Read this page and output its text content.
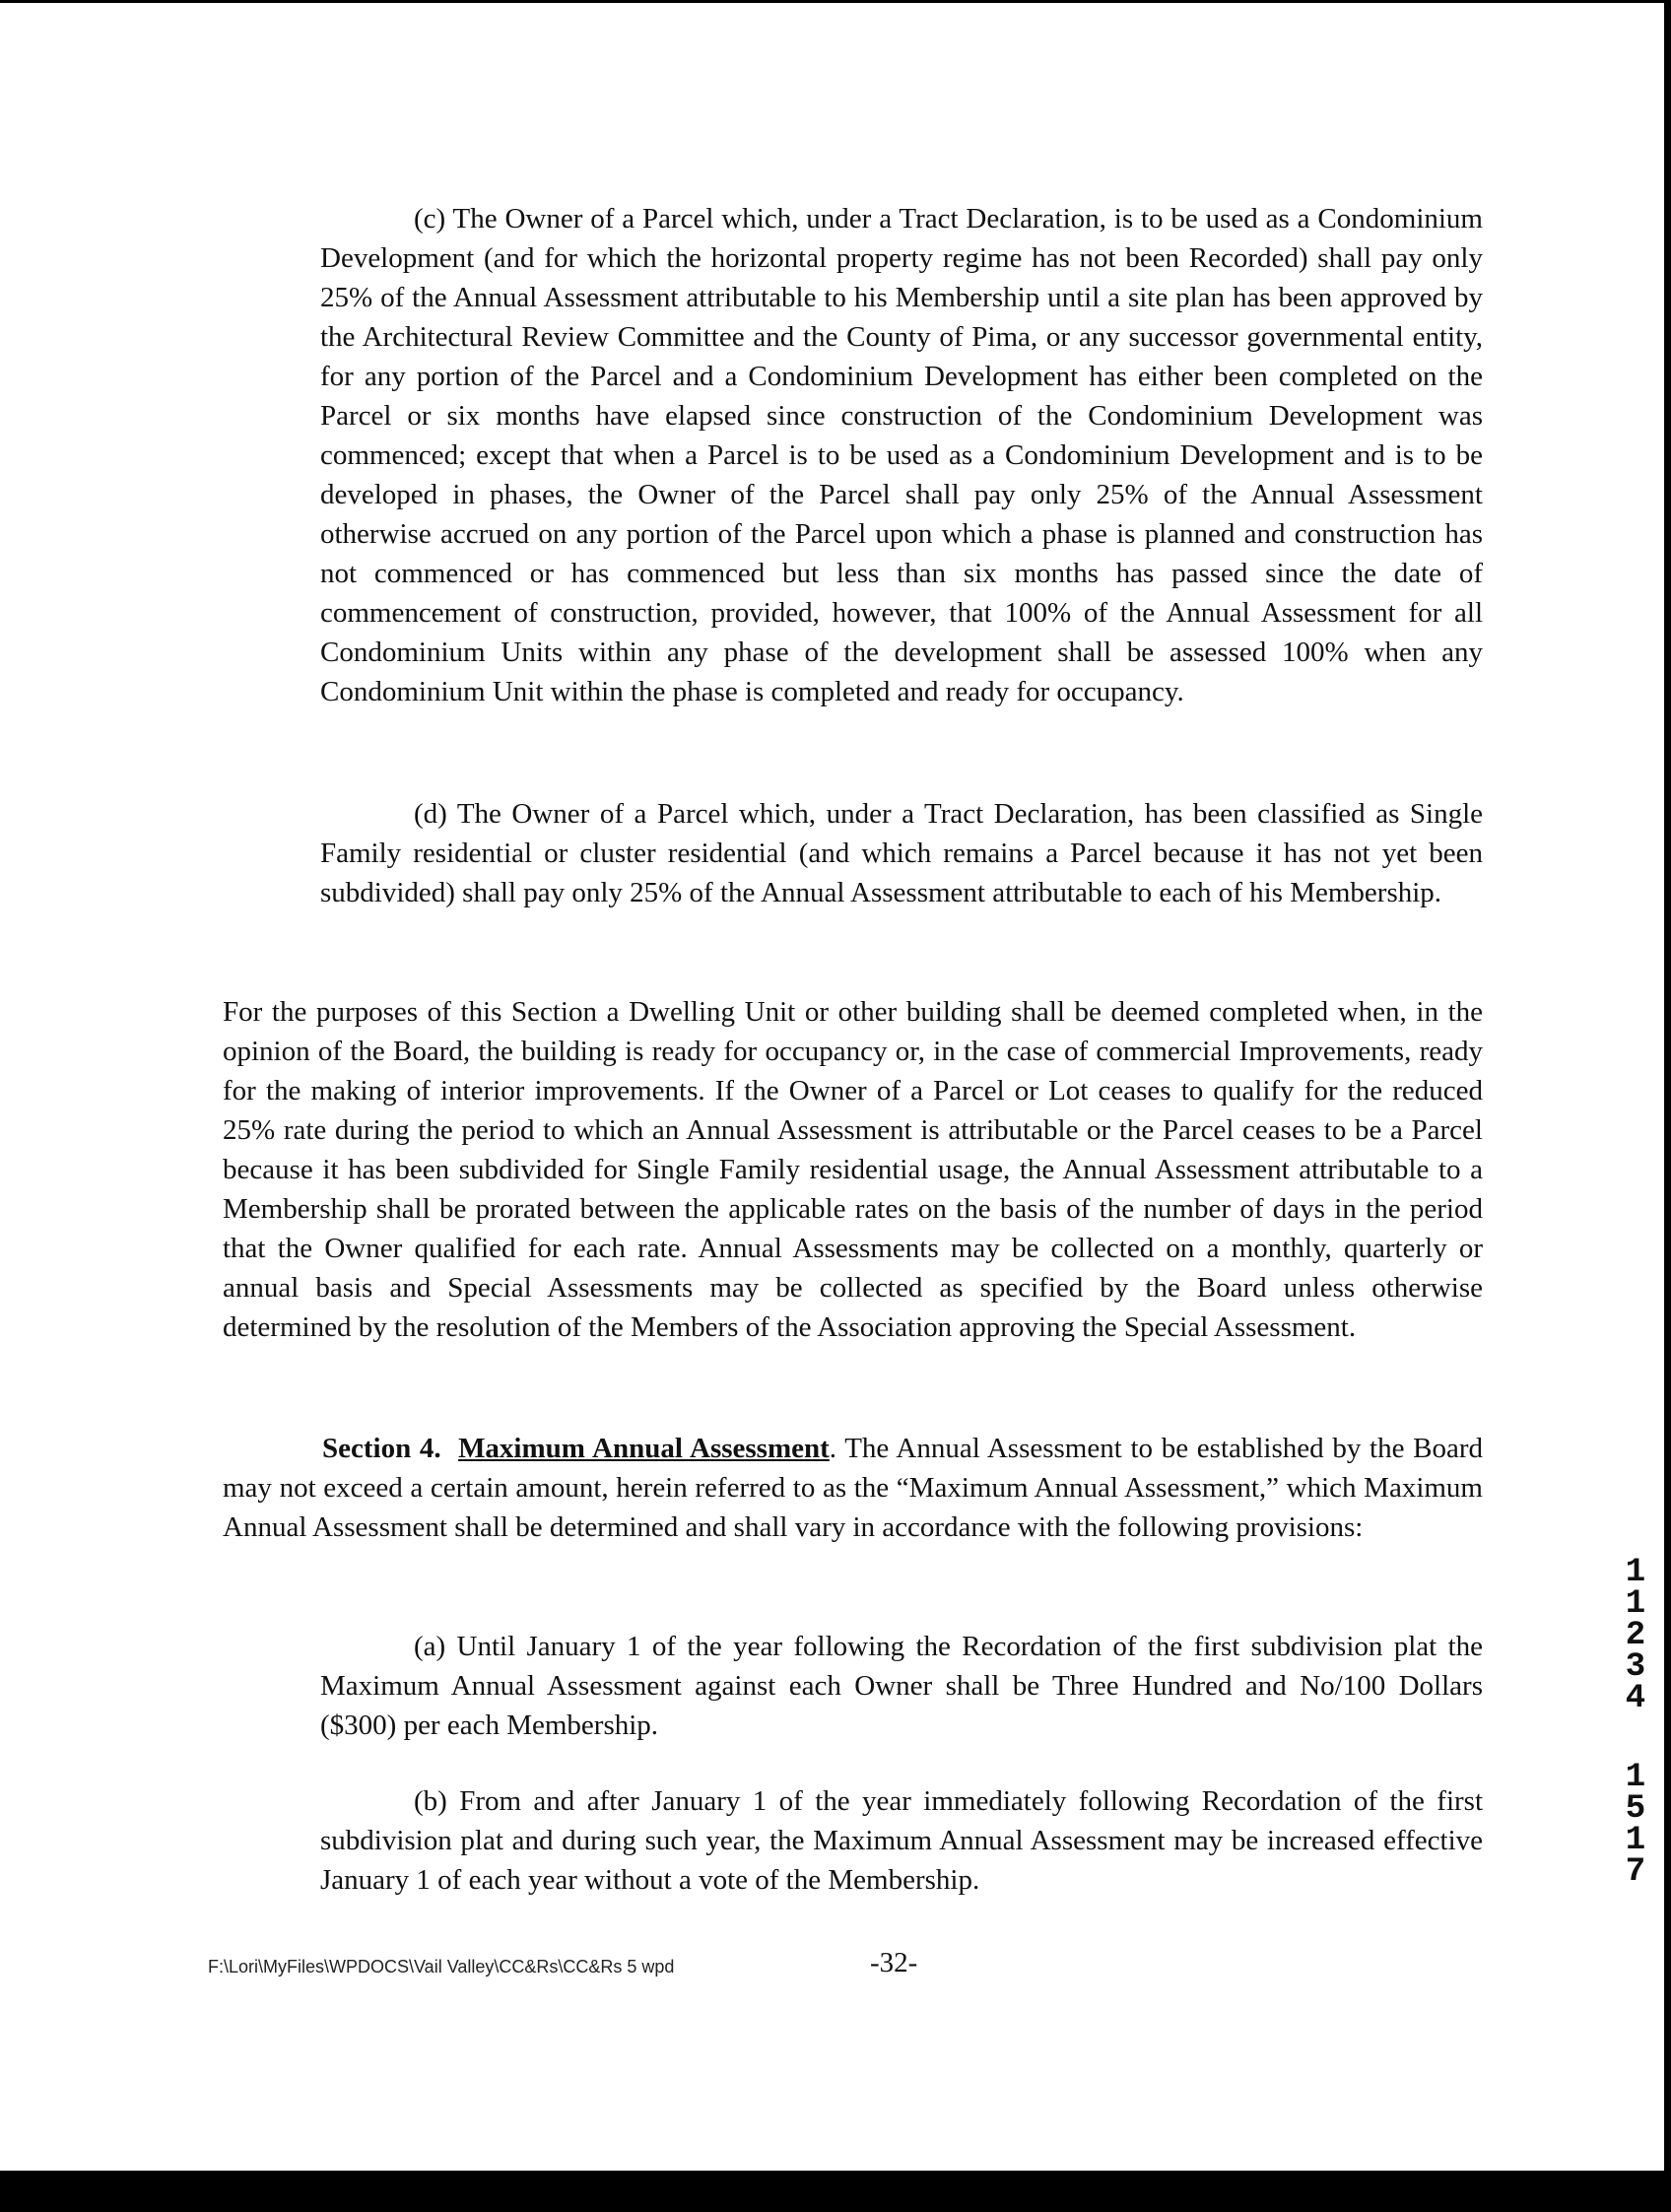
(c) The Owner of a Parcel which, under a Tract Declaration, is to be used as a Condominium Development (and for which the horizontal property regime has not been Recorded) shall pay only 25% of the Annual Assessment attributable to his Membership until a site plan has been approved by the Architectural Review Committee and the County of Pima, or any successor governmental entity, for any portion of the Parcel and a Condominium Development has either been completed on the Parcel or six months have elapsed since construction of the Condominium Development was commenced; except that when a Parcel is to be used as a Condominium Development and is to be developed in phases, the Owner of the Parcel shall pay only 25% of the Annual Assessment otherwise accrued on any portion of the Parcel upon which a phase is planned and construction has not commenced or has commenced but less than six months has passed since the date of commencement of construction, provided, however, that 100% of the Annual Assessment for all Condominium Units within any phase of the development shall be assessed 100% when any Condominium Unit within the phase is completed and ready for occupancy.

(d) The Owner of a Parcel which, under a Tract Declaration, has been classified as Single Family residential or cluster residential (and which remains a Parcel because it has not yet been subdivided) shall pay only 25% of the Annual Assessment attributable to each of his Membership.

For the purposes of this Section a Dwelling Unit or other building shall be deemed completed when, in the opinion of the Board, the building is ready for occupancy or, in the case of commercial Improvements, ready for the making of interior improvements. If the Owner of a Parcel or Lot ceases to qualify for the reduced 25% rate during the period to which an Annual Assessment is attributable or the Parcel ceases to be a Parcel because it has been subdivided for Single Family residential usage, the Annual Assessment attributable to a Membership shall be prorated between the applicable rates on the basis of the number of days in the period that the Owner qualified for each rate. Annual Assessments may be collected on a monthly, quarterly or annual basis and Special Assessments may be collected as specified by the Board unless otherwise determined by the resolution of the Members of the Association approving the Special Assessment.

Section 4. Maximum Annual Assessment. The Annual Assessment to be established by the Board may not exceed a certain amount, herein referred to as the “Maximum Annual Assessment,” which Maximum Annual Assessment shall be determined and shall vary in accordance with the following provisions:

(a) Until January 1 of the year following the Recordation of the first subdivision plat the Maximum Annual Assessment against each Owner shall be Three Hundred and No/100 Dollars ($300) per each Membership.

(b) From and after January 1 of the year immediately following Recordation of the first subdivision plat and during such year, the Maximum Annual Assessment may be increased effective January 1 of each year without a vote of the Membership.

F:\Lori\MyFiles\WPDOCS\Vail Valley\CC&Rs\CC&Rs 5 wpd	-32-
1
1
2
3
4
1
5
1
7
